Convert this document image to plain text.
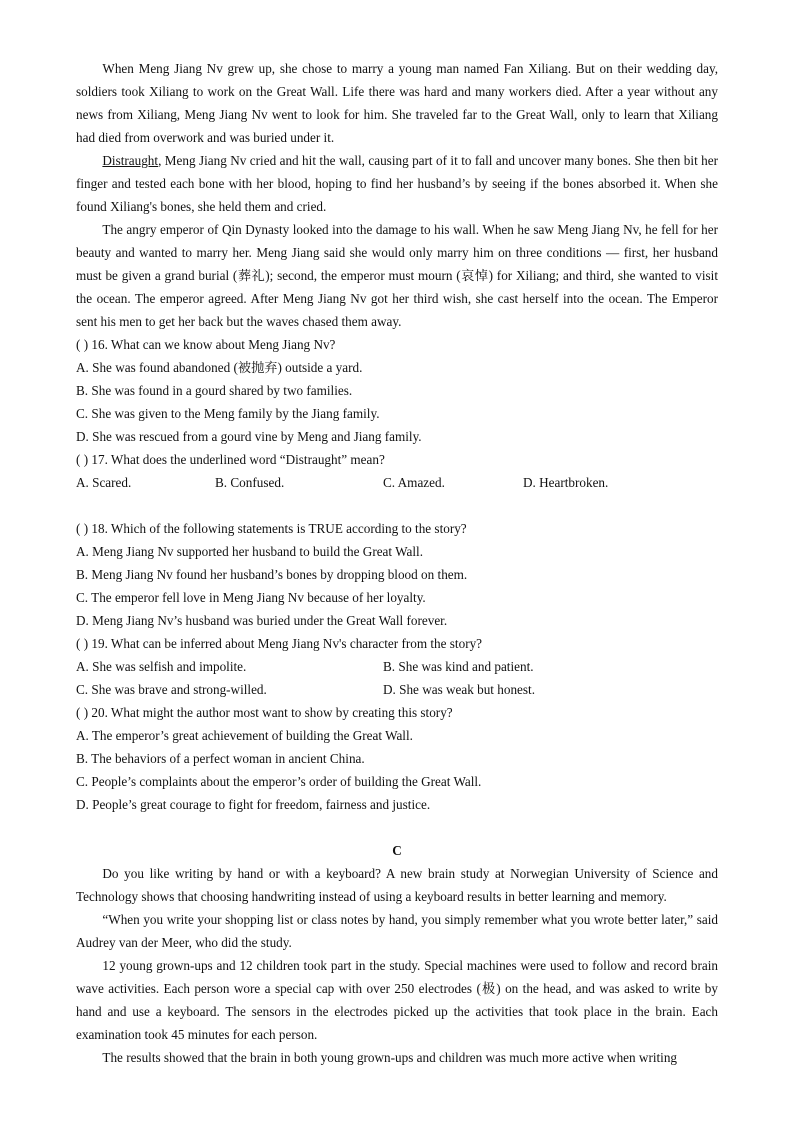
When Meng Jiang Nv grew up, she chose to marry a young man named Fan Xiliang. But on their wedding day, soldiers took Xiliang to work on the Great Wall. Life there was hard and many workers died. After a year without any news from Xiliang, Meng Jiang Nv went to look for him. She traveled far to the Great Wall, only to learn that Xiliang had died from overwork and was buried under it.

Distraught, Meng Jiang Nv cried and hit the wall, causing part of it to fall and uncover many bones. She then bit her finger and tested each bone with her blood, hoping to find her husband’s by seeing if the bones absorbed it. When she found Xiliang's bones, she held them and cried.

The angry emperor of Qin Dynasty looked into the damage to his wall. When he saw Meng Jiang Nv, he fell for her beauty and wanted to marry her. Meng Jiang said she would only marry him on three conditions — first, her husband must be given a grand burial (葬礼); second, the emperor must mourn (哀悼) for Xiliang; and third, she wanted to visit the ocean. The emperor agreed. After Meng Jiang Nv got her third wish, she cast herself into the ocean. The Emperor sent his men to get her back but the waves chased them away.

( ) 16. What can we know about Meng Jiang Nv?

A. She was found abandoned (被抛弃) outside a yard.

B. She was found in a gourd shared by two families.

C. She was given to the Meng family by the Jiang family.

D. She was rescued from a gourd vine by Meng and Jiang family.

( ) 17. What does the underlined word “Distraught” mean?

A. Scared.	B. Confused.	C. Amazed.	D. Heartbroken.

( ) 18. Which of the following statements is TRUE according to the story?

A. Meng Jiang Nv supported her husband to build the Great Wall.

B. Meng Jiang Nv found her husband’s bones by dropping blood on them.

C. The emperor fell love in Meng Jiang Nv because of her loyalty.

D. Meng Jiang Nv’s husband was buried under the Great Wall forever.

( ) 19. What can be inferred about Meng Jiang Nv's character from the story?

A. She was selfish and impolite.	B. She was kind and patient.
C. She was brave and strong-willed.	D. She was weak but honest.

( ) 20. What might the author most want to show by creating this story?

A. The emperor’s great achievement of building the Great Wall.

B. The behaviors of a perfect woman in ancient China.

C. People’s complaints about the emperor’s order of building the Great Wall.

D. People’s great courage to fight for freedom, fairness and justice.

C

Do you like writing by hand or with a keyboard? A new brain study at Norwegian University of Science and Technology shows that choosing handwriting instead of using a keyboard results in better learning and memory.

“When you write your shopping list or class notes by hand, you simply remember what you wrote better later,” said Audrey van der Meer, who did the study.

12 young grown-ups and 12 children took part in the study. Special machines were used to follow and record brain wave activities. Each person wore a special cap with over 250 electrodes (极) on the head, and was asked to write by hand and use a keyboard. The sensors in the electrodes picked up the activities that took place in the brain. Each examination took 45 minutes for each person.

The results showed that the brain in both young grown-ups and children was much more active when writing
